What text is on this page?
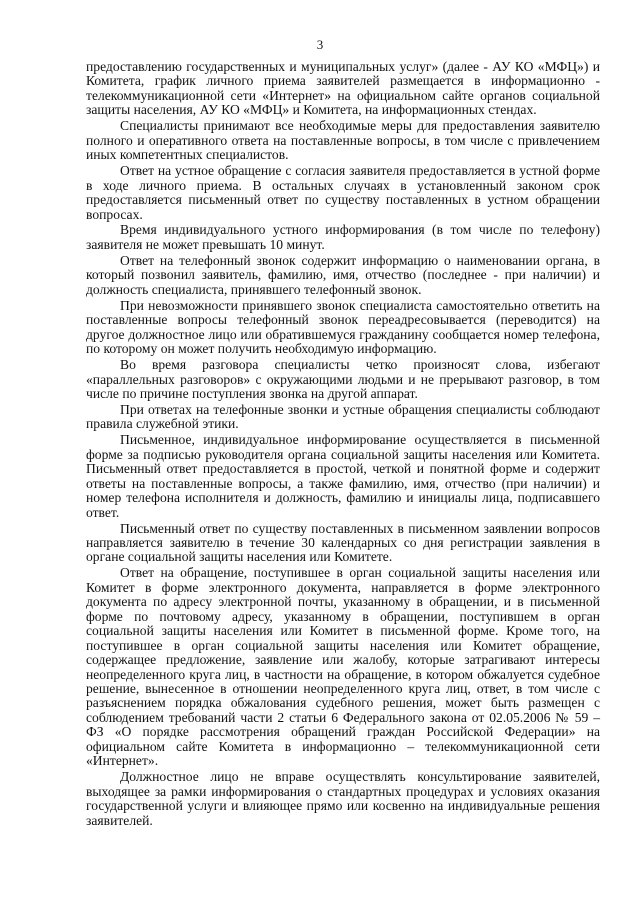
3

предоставлению государственных и муниципальных услуг» (далее - АУ КО «МФЦ») и Комитета, график личного приема заявителей размещается в информационно - телекоммуникационной сети «Интернет» на официальном сайте органов социальной защиты населения, АУ КО «МФЦ» и Комитета, на информационных стендах.

Специалисты принимают все необходимые меры для предоставления заявителю полного и оперативного ответа на поставленные вопросы, в том числе с привлечением иных компетентных специалистов.

Ответ на устное обращение с согласия заявителя предоставляется в устной форме в ходе личного приема. В остальных случаях в установленный законом срок предоставляется письменный ответ по существу поставленных в устном обращении вопросах.

Время индивидуального устного информирования (в том числе по телефону) заявителя не может превышать 10 минут.

Ответ на телефонный звонок содержит информацию о наименовании органа, в который позвонил заявитель, фамилию, имя, отчество (последнее - при наличии) и должность специалиста, принявшего телефонный звонок.

При невозможности принявшего звонок специалиста самостоятельно ответить на поставленные вопросы телефонный звонок переадресовывается (переводится) на другое должностное лицо или обратившемуся гражданину сообщается номер телефона, по которому он может получить необходимую информацию.

Во время разговора специалисты четко произносят слова, избегают «параллельных разговоров» с окружающими людьми и не прерывают разговор, в том числе по причине поступления звонка на другой аппарат.

При ответах на телефонные звонки и устные обращения специалисты соблюдают правила служебной этики.

Письменное, индивидуальное информирование осуществляется в письменной форме за подписью руководителя органа социальной защиты населения или Комитета. Письменный ответ предоставляется в простой, четкой и понятной форме и содержит ответы на поставленные вопросы, а также фамилию, имя, отчество (при наличии) и номер телефона исполнителя и должность, фамилию и инициалы лица, подписавшего ответ.

Письменный ответ по существу поставленных в письменном заявлении вопросов направляется заявителю в течение 30 календарных со дня регистрации заявления в органе социальной защиты населения или Комитете.

Ответ на обращение, поступившее в орган социальной защиты населения или Комитет в форме электронного документа, направляется в форме электронного документа по адресу электронной почты, указанному в обращении, и в письменной форме по почтовому адресу, указанному в обращении, поступившем в орган социальной защиты населения или Комитет в письменной форме. Кроме того, на поступившее в орган социальной защиты населения или Комитет обращение, содержащее предложение, заявление или жалобу, которые затрагивают интересы неопределенного круга лиц, в частности на обращение, в котором обжалуется судебное решение, вынесенное в отношении неопределенного круга лиц, ответ, в том числе с разъяснением порядка обжалования судебного решения, может быть размещен с соблюдением требований части 2 статьи 6 Федерального закона от 02.05.2006 № 59 – ФЗ «О порядке рассмотрения обращений граждан Российской Федерации» на официальном сайте Комитета в информационно – телекоммуникационной сети «Интернет».

Должностное лицо не вправе осуществлять консультирование заявителей, выходящее за рамки информирования о стандартных процедурах и условиях оказания государственной услуги и влияющее прямо или косвенно на индивидуальные решения заявителей.
